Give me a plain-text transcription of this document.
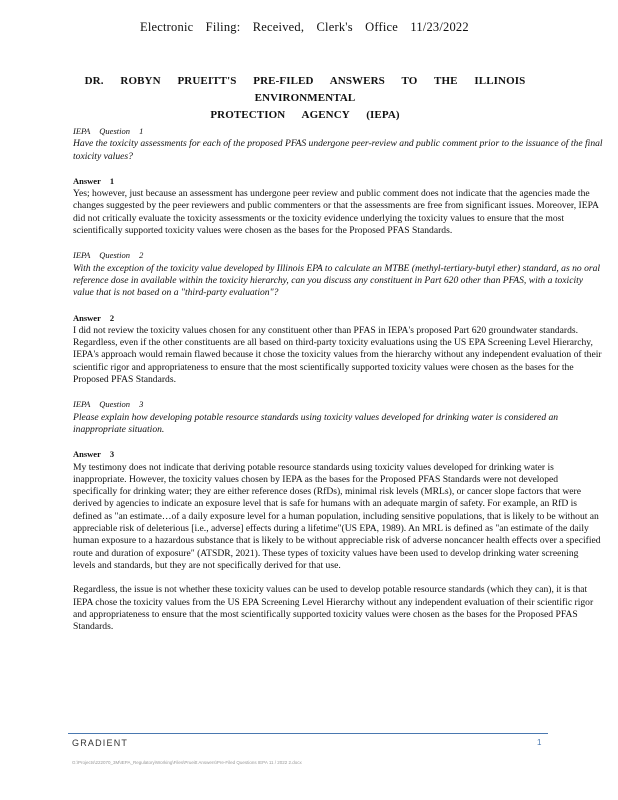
Electronic Filing: Received, Clerk's Office 11/23/2022
DR. ROBYN PRUEITT'S PRE-FILED ANSWERS TO THE ILLINOIS ENVIRONMENTAL
PROTECTION AGENCY (IEPA)
IEPA Question 1
Have the toxicity assessments for each of the proposed PFAS undergone peer-review and public comment prior to the issuance of the final toxicity values?
Answer 1

Yes; however, just because an assessment has undergone peer review and public comment does not indicate that the agencies made the changes suggested by the peer reviewers and public commenters or that the assessments are free from significant issues. Moreover, IEPA did not critically evaluate the toxicity assessments or the toxicity evidence underlying the toxicity values to ensure that the most scientifically supported toxicity values were chosen as the bases for the Proposed PFAS Standards.

IEPA Question 2
With the exception of the toxicity value developed by Illinois EPA to calculate an MTBE (methyl-tertiary-butyl ether) standard, as no oral reference dose in available within the toxicity hierarchy, can you discuss any constituent in Part 620 other than PFAS, with a toxicity value that is not based on a "third-party evaluation"?
Answer 2

I did not review the toxicity values chosen for any constituent other than PFAS in IEPA's proposed Part 620 groundwater standards. Regardless, even if the other constituents are all based on third-party toxicity evaluations using the US EPA Screening Level Hierarchy, IEPA's approach would remain flawed because it chose the toxicity values from the hierarchy without any independent evaluation of their scientific rigor and appropriateness to ensure that the most scientifically supported toxicity values were chosen as the bases for the Proposed PFAS Standards.

IEPA Question 3
Please explain how developing potable resource standards using toxicity values developed for drinking water is considered an inappropriate situation.
Answer 3

My testimony does not indicate that deriving potable resource standards using toxicity values developed for drinking water is inappropriate. However, the toxicity values chosen by IEPA as the bases for the Proposed PFAS Standards were not developed specifically for drinking water; they are either reference doses (RfDs), minimal risk levels (MRLs), or cancer slope factors that were derived by agencies to indicate an exposure level that is safe for humans with an adequate margin of safety. For example, an RfD is defined as "an estimate…of a daily exposure level for a human population, including sensitive populations, that is likely to be without an appreciable risk of deleterious [i.e., adverse] effects during a lifetime"(US EPA, 1989). An MRL is defined as "an estimate of the daily human exposure to a hazardous substance that is likely to be without appreciable risk of adverse noncancer health effects over a specified route and duration of exposure" (ATSDR, 2021). These types of toxicity values have been used to develop drinking water screening levels and standards, but they are not specifically derived for that use.

Regardless, the issue is not whether these toxicity values can be used to develop potable resource standards (which they can), it is that IEPA chose the toxicity values from the US EPA Screening Level Hierarchy without any independent evaluation of their scientific rigor and appropriateness to ensure that the most scientifically supported toxicity values were chosen as the bases for the Proposed PFAS Standards.

GRADIENT	1
G:\Projects\222070_3M\IEPA_Regulatory\Working\Files\Prueitt Answers\Pre-Filed Questions IEPA 11 / 2022 2.docx
